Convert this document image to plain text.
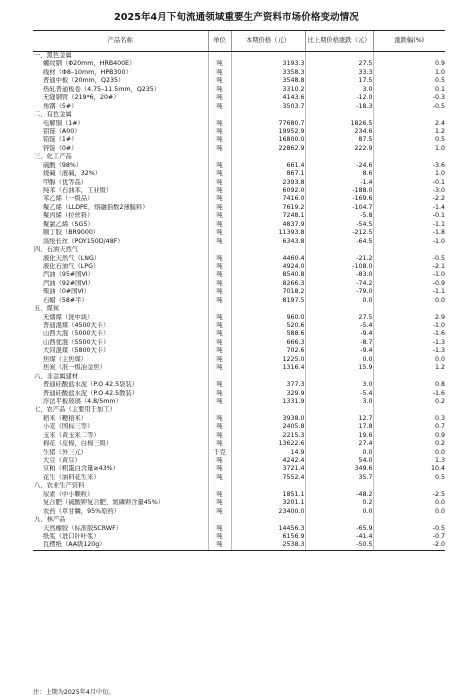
2025年4月下旬流通领域重要生产资料市场价格变动情况
产品名称	单位	本期价格（元）	比上期价格涨跌（元）	涨跌幅(%)
一、黑色金属				
螺纹钢（Φ20mm，HRB400E）	吨	3193.3	27.5	0.9
线材（Φ8–10mm，HPB300）	吨	3358.3	33.3	1.0
普通中板（20mm，Q235）	吨	3548.8	17.5	0.5
热轧普通板卷（4.75–11.5mm，Q235）	吨	3310.2	3.0	0.1
无缝钢管（219*6，20#）	吨	4143.6	-12.0	-0.3
角钢（5#）	吨	3503.7	-18.3	-0.5
二、有色金属				
电解铜（1#）	吨	77680.7	1826.5	2.4
铝锭（A00）	吨	19952.9	234.6	1.2
铅锭（1#）	吨	16800.0	87.5	0.5
锌锭（0#）	吨	22862.9	222.9	1.0
三、化工产品				
硫酸（98%）	吨	661.4	-24.6	-3.6
烧碱（液碱，32%）	吨	867.1	8.6	1.0
甲醇（优等品）	吨	2393.8	-1.4	-0.1
纯苯（石油苯，工业级）	吨	6092.0	-188.0	-3.0
苯乙烯（一级品）	吨	7416.0	-169.6	-2.2
聚乙烯（LLDPE，熔融指数2薄膜料）	吨	7619.2	-104.7	-1.4
聚丙烯（拉丝料）	吨	7248.1	-5.8	-0.1
聚氯乙烯（SG5）	吨	4837.9	-54.5	-1.1
顺丁胶（BR9000）	吨	11393.8	-212.5	-1.8
涤纶长丝（POY150D/48F）	吨	6343.8	-64.5	-1.0
四、石油天然气				
液化天然气（LNG）	吨	4460.4	-21.2	-0.5
液化石油气（LPG）	吨	4924.0	-108.0	-2.1
汽油（95#国VI）	吨	8540.8	-83.0	-1.0
汽油（92#国VI）	吨	8266.3	-74.2	-0.9
柴油（0#国VI）	吨	7018.2	-79.0	-1.1
石蜡（58#半）	吨	8197.5	0.0	0.0
五、煤炭				
无烟煤（洗中块）	吨	960.0	27.5	2.9
普通混煤（4500大卡）	吨	520.6	-5.4	-1.0
山西大混（5000大卡）	吨	588.6	-9.4	-1.6
山西优混（5500大卡）	吨	666.3	-8.7	-1.3
大同混煤（5800大卡）	吨	702.6	-9.4	-1.3
焦煤（主焦煤）	吨	1225.0	0.0	0.0
焦炭（准一级冶金焦）	吨	1316.4	15.9	1.2
六、非金属建材				
普通硅酸盐水泥（P.O 42.5袋装）	吨	377.3	3.0	0.8
普通硅酸盐水泥（P.O 42.5散装）	吨	329.9	-5.4	-1.6
浮法平板玻璃（4.8/5mm）	吨	1331.9	3.0	0.2
七、农产品（主要用于加工）				
稻米（粳稻米）	吨	3938.0	12.7	0.3
小麦（国标三等）	吨	2405.8	17.8	0.7
玉米（黄玉米二等）	吨	2215.3	19.6	0.9
棉花（皮棉，白棉三级）	吨	13622.6	27.4	0.2
生猪（外三元）	千克	14.9	0.0	0.0
大豆（黄豆）	吨	4242.4	54.0	1.3
豆粕（粗蛋白含量≥43%）	吨	3721.4	349.6	10.4
花生（油料花生米）	吨	7552.4	35.7	0.5
八、农业生产资料				
尿素（中小颗粒）	吨	1851.1	-48.2	-2.5
复合肥（硫酸钾复合肥，氮磷钾含量45%）	吨	3201.1	0.2	0.0
农药（草甘膦，95%原药）	吨	23400.0	0.0	0.0
九、林产品				
天然橡胶（标准胶SCRWF）	吨	14456.3	-65.9	-0.5
纸浆（进口针叶浆）	吨	6156.9	-41.4	-0.7
瓦楞纸（AA级120g）	吨	2538.3	-50.5	-2.0
注：上期为2025年4月中旬。
